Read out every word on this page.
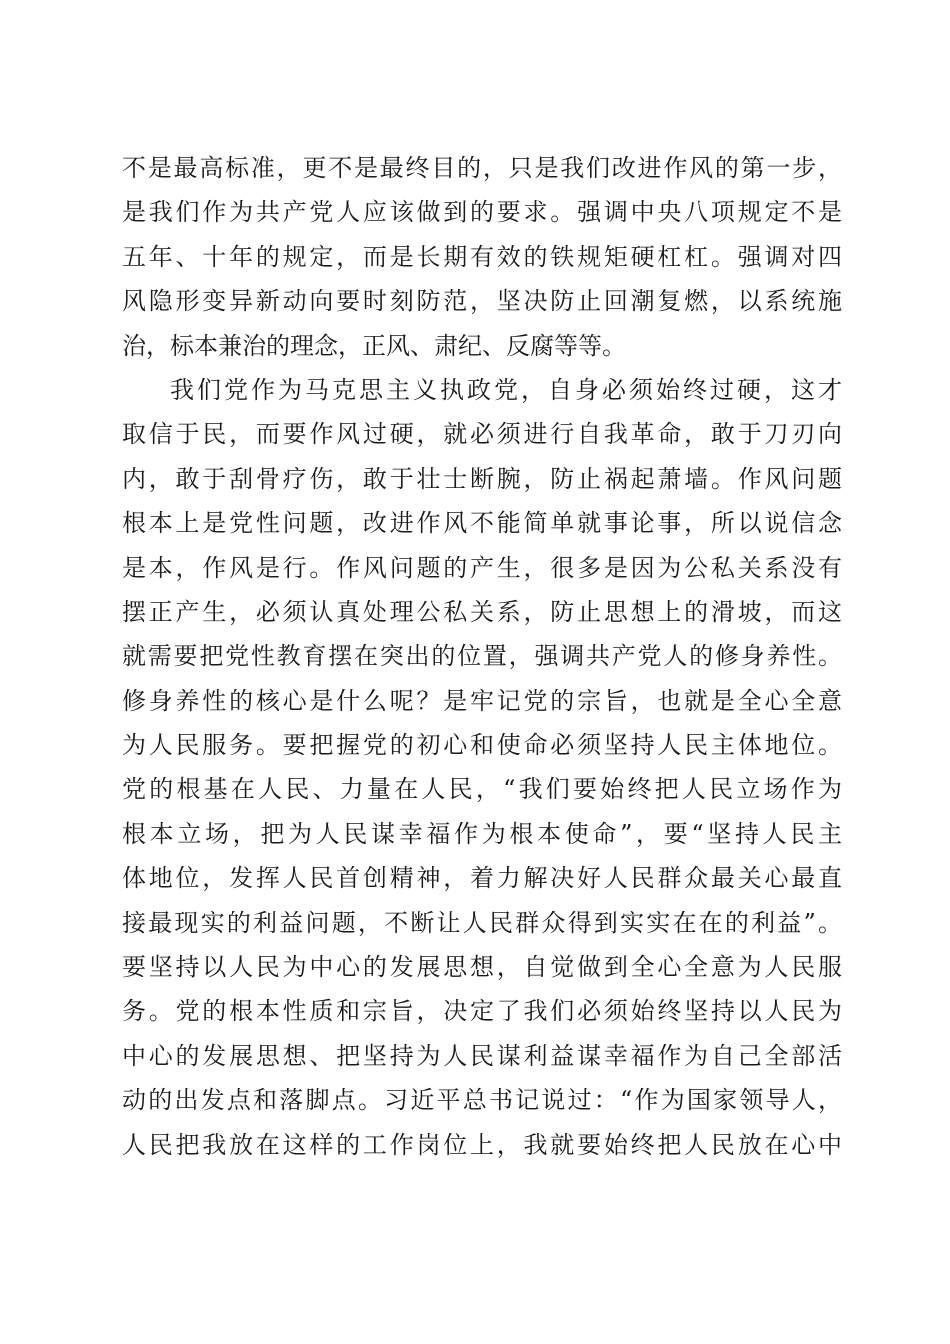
不是最高标准，更不是最终目的，只是我们改进作风的第一步，
是我们作为共产党人应该做到的要求。强调中央八项规定不是
五年、十年的规定，而是长期有效的铁规矩硬杠杠。强调对四
风隐形变异新动向要时刻防范，坚决防止回潮复燃，以系统施
治，标本兼治的理念，正风、肃纪、反腐等等。
我们党作为马克思主义执政党，自身必须始终过硬，这才
取信于民，而要作风过硬，就必须进行自我革命，敢于刀刃向
内，敢于刮骨疗伤，敢于壮士断腕，防止祸起萧墙。作风问题
根本上是党性问题，改进作风不能简单就事论事，所以说信念
是本，作风是行。作风问题的产生，很多是因为公私关系没有
摆正产生，必须认真处理公私关系，防止思想上的滑坡，而这
就需要把党性教育摆在突出的位置，强调共产党人的修身养性。
修身养性的核心是什么呢？是牢记党的宗旨，也就是全心全意
为人民服务。要把握党的初心和使命必须坚持人民主体地位。
党的根基在人民、力量在人民，“我们要始终把人民立场作为
根本立场，把为人民谋幸福作为根本使命”，要“坚持人民主
体地位，发挥人民首创精神，着力解决好人民群众最关心最直
接最现实的利益问题，不断让人民群众得到实实在在的利益”。
要坚持以人民为中心的发展思想，自觉做到全心全意为人民服
务。党的根本性质和宗旨，决定了我们必须始终坚持以人民为
中心的发展思想、把坚持为人民谋利益谋幸福作为自己全部活
动的出发点和落脚点。习近平总书记说过：“作为国家领导人，
人民把我放在这样的工作岗位上，我就要始终把人民放在心中
